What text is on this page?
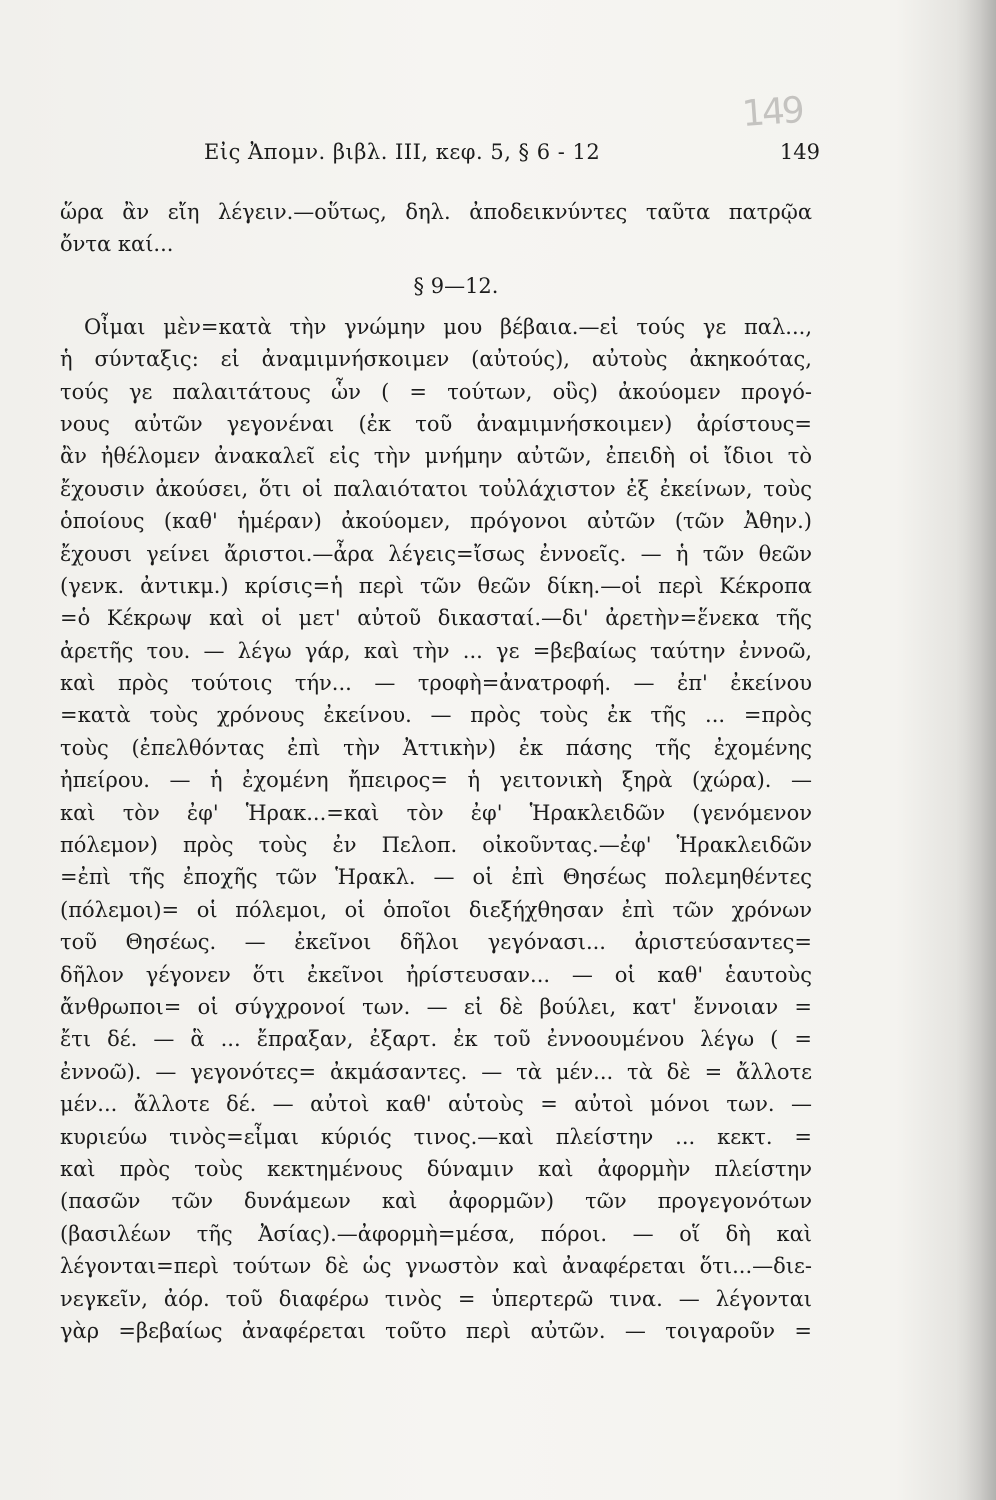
149
Εἰς Ἀπομν. βιβλ. III, κεφ. 5, § 6 - 12	149
ὥρα ἂν εἴη λέγειν.—οὕτως, δηλ. ἀποδεικνύντες ταῦτα πατρῷα
ὄντα καί...
§ 9—12.
Οἶμαι μὲν=κατὰ τὴν γνώμην μου βέβαια.—εἰ τούς γε παλ...,
ἡ σύνταξις: εἰ ἀναμιμνήσκοιμεν (αὐτούς), αὐτοὺς ἀκηκοότας,
τούς γε παλαιτάτους ὧν ( = τούτων, οὓς) ἀκούομεν προγό-
νους αὐτῶν γεγονέναι (ἐκ τοῦ ἀναμιμνήσκοιμεν) ἀρίστους=
ἂν ἠθέλομεν ἀνακαλεῖ εἰς τὴν μνήμην αὐτῶν, ἐπειδὴ οἱ ἴδιοι τὸ
ἔχουσιν ἀκούσει, ὅτι οἱ παλαιότατοι τοὐλάχιστον ἐξ ἐκείνων, τοὺς
ὁποίους (καθ' ἡμέραν) ἀκούομεν, πρόγονοι αὐτῶν (τῶν Ἀθην.)
ἔχουσι γείνει ἄριστοι.—ἆρα λέγεις=ἴσως ἐννοεῖς. — ἡ τῶν θεῶν
(γενκ. ἀντικμ.) κρίσις=ἡ περὶ τῶν θεῶν δίκη.—οἱ περὶ Κέκροπα
=ὁ Κέκρωψ καὶ οἱ μετ' αὐτοῦ δικασταί.—δι' ἀρετὴν=ἕνεκα τῆς
ἀρετῆς του. — λέγω γάρ, καὶ τὴν ... γε =βεβαίως ταύτην ἐννοῶ,
καὶ πρὸς τούτοις τήν... — τροφὴ=ἀνατροφή. — ἐπ' ἐκείνου
=κατὰ τοὺς χρόνους ἐκείνου. — πρὸς τοὺς ἐκ τῆς ... =πρὸς
τοὺς (ἐπελθόντας ἐπὶ τὴν Ἀττικὴν) ἐκ πάσης τῆς ἐχομένης
ἠπείρου. — ἡ ἐχομένη ἤπειρος= ἡ γειτονικὴ ξηρὰ (χώρα). —
καὶ τὸν ἐφ' Ἡρακ...=καὶ τὸν ἐφ' Ἡρακλειδῶν (γενόμενον
πόλεμον) πρὸς τοὺς ἐν Πελοπ. οἰκοῦντας.—ἐφ' Ἡρακλειδῶν
=ἐπὶ τῆς ἐποχῆς τῶν Ἡρακλ. — οἱ ἐπὶ Θησέως πολεμηθέντες
(πόλεμοι)= οἱ πόλεμοι, οἱ ὁποῖοι διεξήχθησαν ἐπὶ τῶν χρόνων
τοῦ Θησέως. — ἐκεῖνοι δῆλοι γεγόνασι... ἀριστεύσαντες=
δῆλον γέγονεν ὅτι ἐκεῖνοι ἠρίστευσαν... — οἱ καθ' ἑαυτοὺς
ἄνθρωποι= οἱ σύγχρονοί των. — εἰ δὲ βούλει, κατ' ἔννοιαν =
ἔτι δέ. — ἃ ... ἔπραξαν, ἐξαρτ. ἐκ τοῦ ἐννοουμένου λέγω ( =
ἐννοῶ). — γεγονότες= ἀκμάσαντες. — τὰ μέν... τὰ δὲ = ἄλλοτε
μέν... ἄλλοτε δέ. — αὐτοὶ καθ' αὑτοὺς = αὐτοὶ μόνοι των. —
κυριεύω τινὸς=εἶμαι κύριός τινος.—καὶ πλείστην ... κεκτ. =
καὶ πρὸς τοὺς κεκτημένους δύναμιν καὶ ἀφορμὴν πλείστην
(πασῶν τῶν δυνάμεων καὶ ἀφορμῶν) τῶν προγεγονότων
(βασιλέων τῆς Ἀσίας).—ἀφορμὴ=μέσα, πόροι. — οἵ δὴ καὶ
λέγονται=περὶ τούτων δὲ ὡς γνωστὸν καὶ ἀναφέρεται ὅτι...—διε-
νεγκεῖν, ἀόρ. τοῦ διαφέρω τινὸς = ὑπερτερῶ τινα. — λέγονται
γὰρ =βεβαίως ἀναφέρεται τοῦτο περὶ αὐτῶν. — τοιγαροῦν =
